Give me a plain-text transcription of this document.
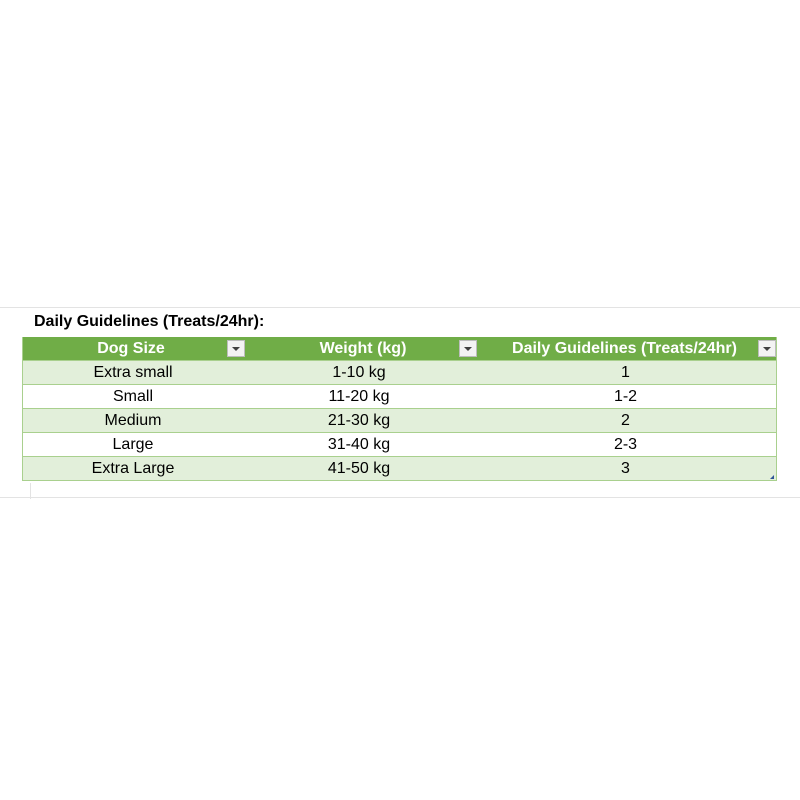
Daily Guidelines (Treats/24hr):
Dog Size	Weight (kg)	Daily Guidelines (Treats/24hr)
Extra small	1-10 kg	1
Small	11-20 kg	1-2
Medium	21-30 kg	2
Large	31-40 kg	2-3
Extra Large	41-50 kg	3
